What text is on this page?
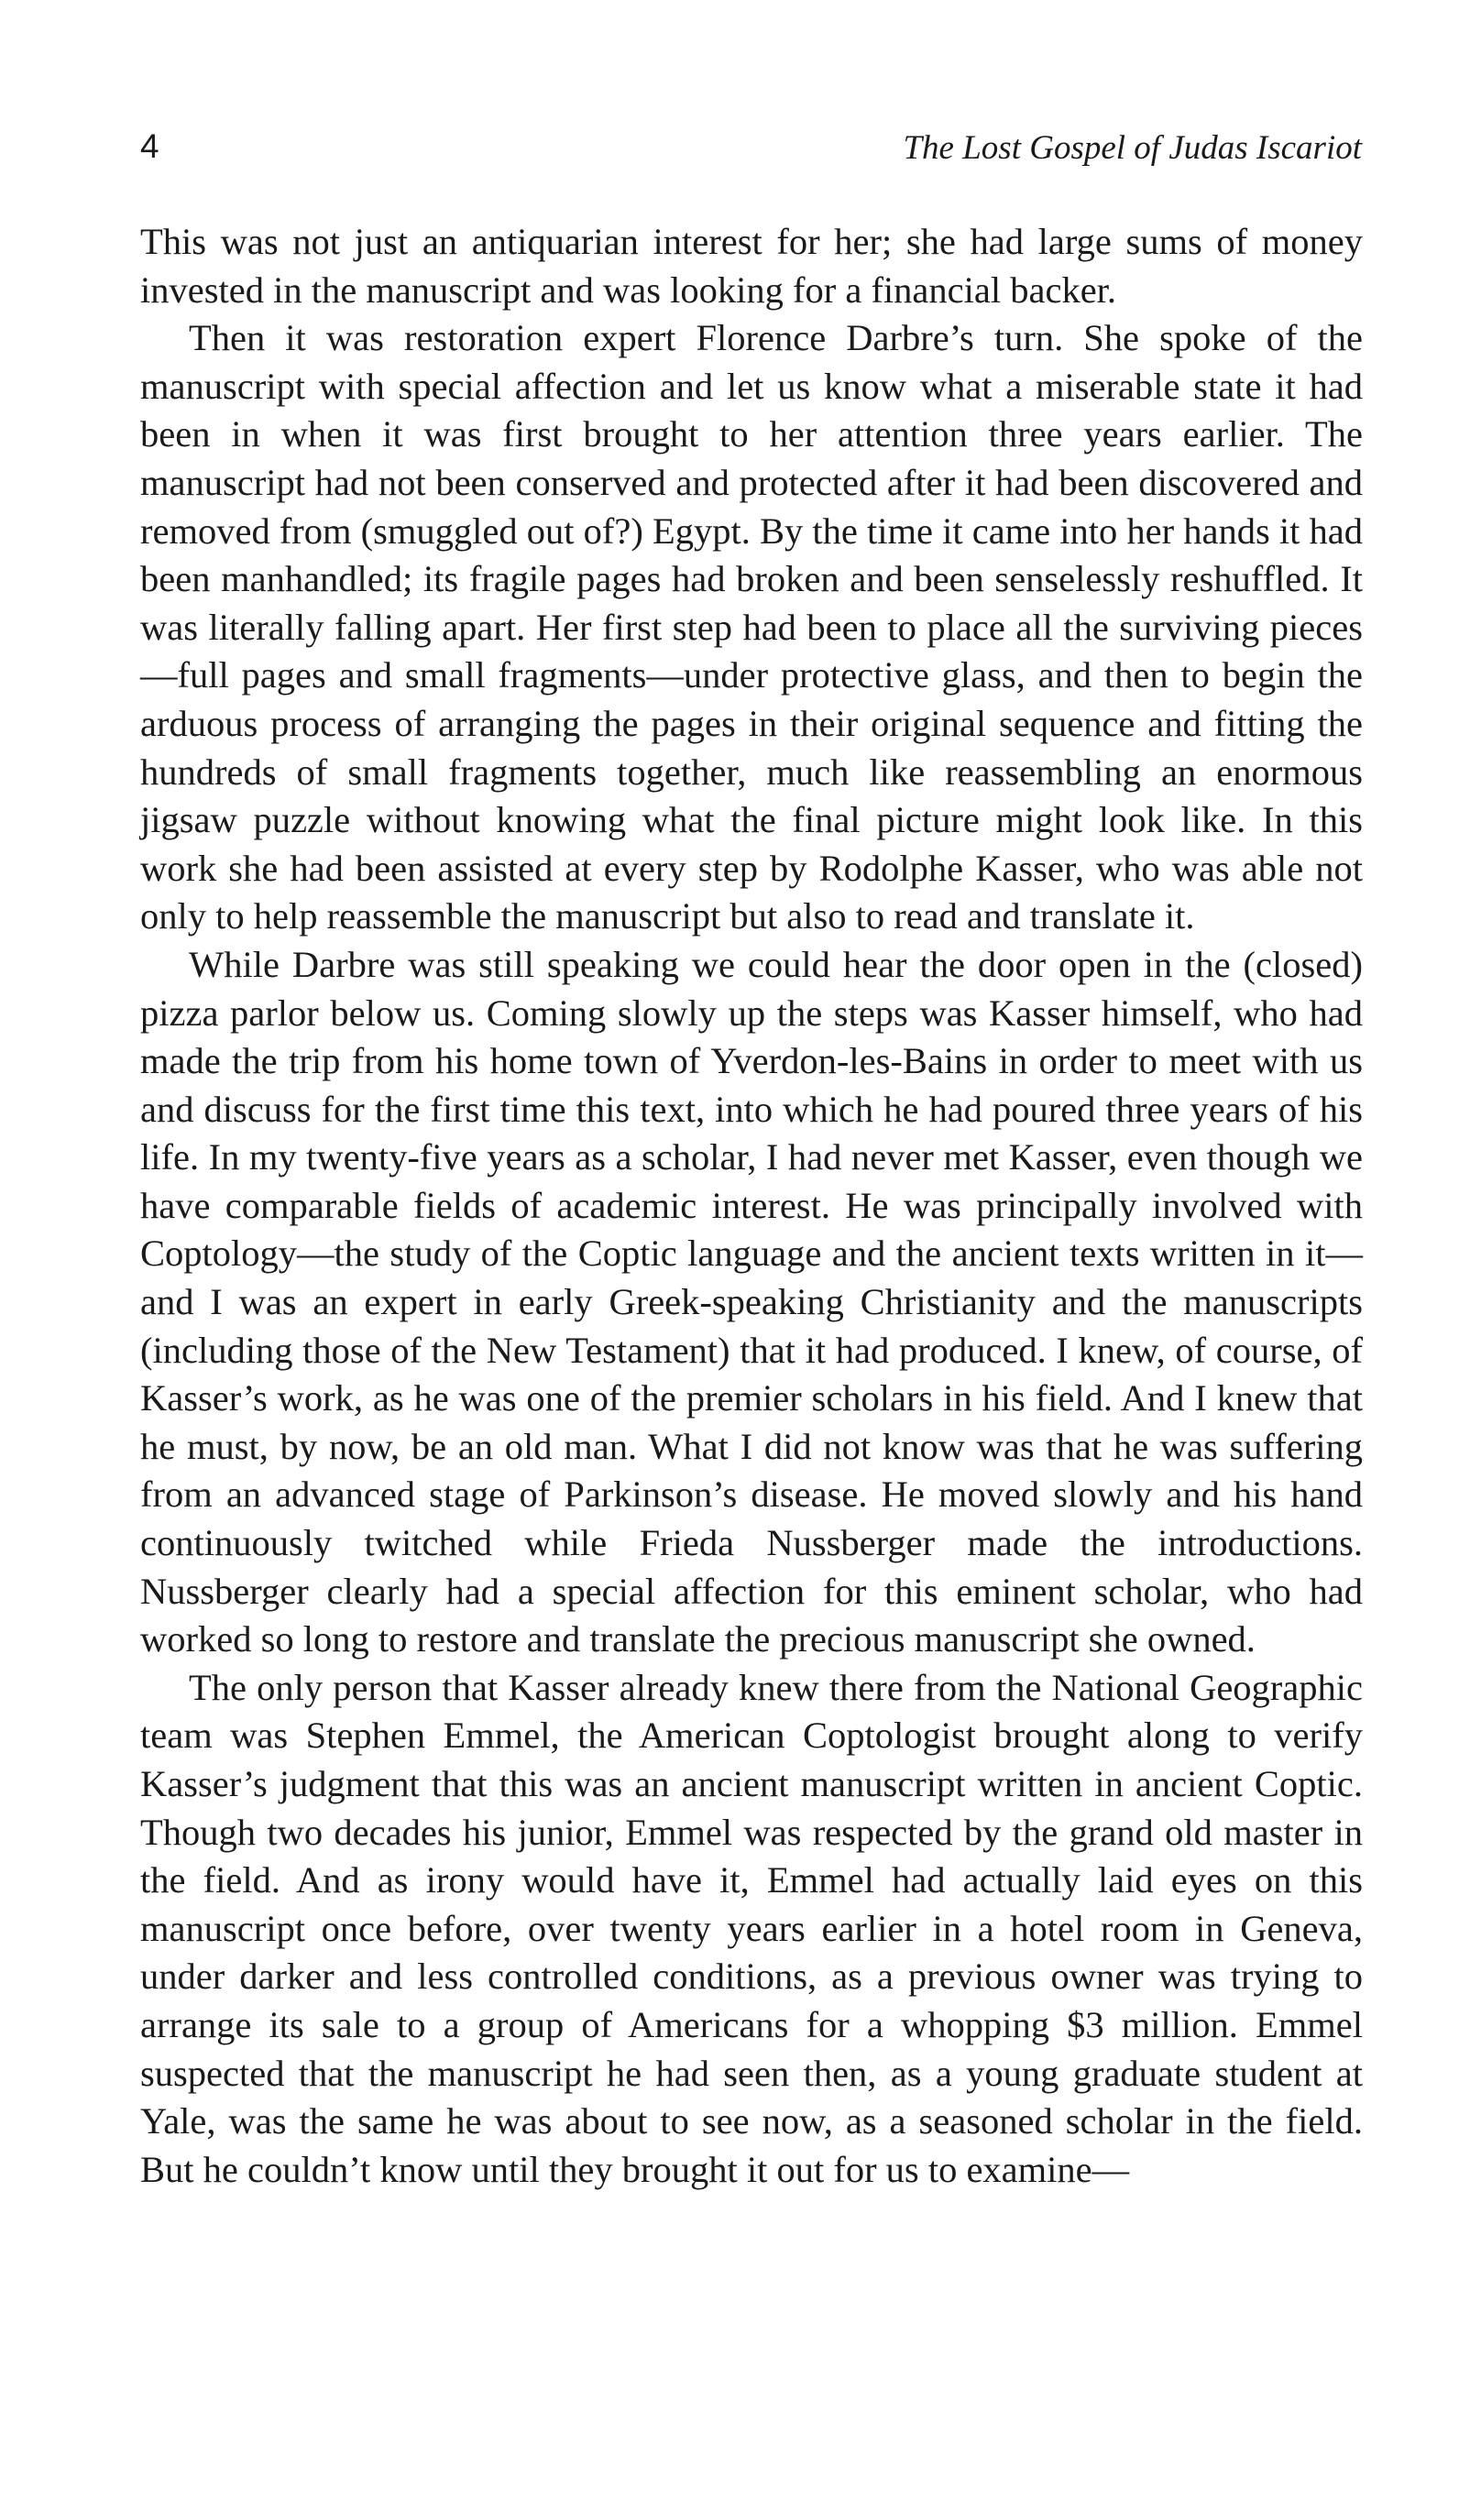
4	The Lost Gospel of Judas Iscariot

This was not just an antiquarian interest for her; she had large sums of money invested in the manuscript and was looking for a financial backer.

Then it was restoration expert Florence Darbre’s turn. She spoke of the manuscript with special affection and let us know what a miserable state it had been in when it was first brought to her attention three years earlier. The manuscript had not been conserved and protected after it had been discovered and removed from (smuggled out of?) Egypt. By the time it came into her hands it had been manhandled; its fragile pages had broken and been senselessly reshuffled. It was literally falling apart. Her first step had been to place all the surviving pieces—full pages and small fragments—under protective glass, and then to begin the arduous process of arranging the pages in their original sequence and fitting the hundreds of small fragments together, much like reassembling an enormous jigsaw puzzle without knowing what the final picture might look like. In this work she had been assisted at every step by Rodolphe Kasser, who was able not only to help reassemble the manuscript but also to read and translate it.

While Darbre was still speaking we could hear the door open in the (closed) pizza parlor below us. Coming slowly up the steps was Kasser himself, who had made the trip from his home town of Yverdon-les-Bains in order to meet with us and discuss for the first time this text, into which he had poured three years of his life. In my twenty-five years as a scholar, I had never met Kasser, even though we have comparable fields of academic interest. He was principally involved with Coptology—the study of the Coptic language and the ancient texts written in it—and I was an expert in early Greek-speaking Christianity and the manuscripts (including those of the New Testament) that it had produced. I knew, of course, of Kasser’s work, as he was one of the premier scholars in his field. And I knew that he must, by now, be an old man. What I did not know was that he was suffering from an advanced stage of Parkinson’s disease. He moved slowly and his hand continuously twitched while Frieda Nussberger made the introductions. Nussberger clearly had a special affection for this eminent scholar, who had worked so long to restore and translate the precious manuscript she owned.

The only person that Kasser already knew there from the National Geographic team was Stephen Emmel, the American Coptologist brought along to verify Kasser’s judgment that this was an ancient manuscript written in ancient Coptic. Though two decades his junior, Emmel was respected by the grand old master in the field. And as irony would have it, Emmel had actually laid eyes on this manuscript once before, over twenty years earlier in a hotel room in Geneva, under darker and less controlled conditions, as a previous owner was trying to arrange its sale to a group of Americans for a whopping $3 million. Emmel suspected that the manuscript he had seen then, as a young graduate student at Yale, was the same he was about to see now, as a seasoned scholar in the field. But he couldn’t know until they brought it out for us to examine—
